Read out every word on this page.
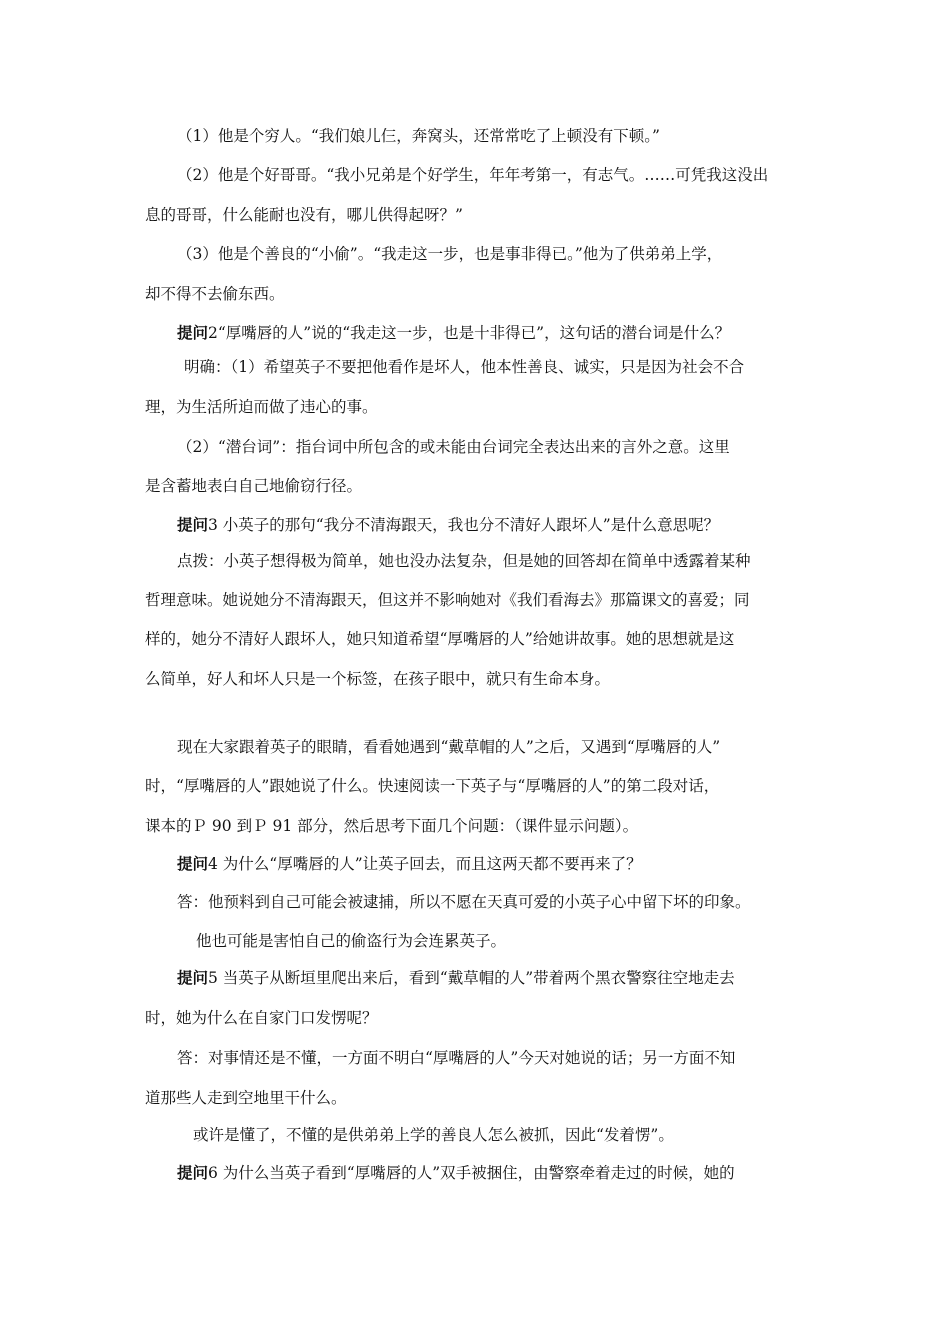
（1）他是个穷人。“我们娘儿仨，奔窝头，还常常吃了上顿没有下顿。”
（2）他是个好哥哥。“我小兄弟是个好学生，年年考第一，有志气。……可凭我这没出
息的哥哥，什么能耐也没有，哪儿供得起呀？”
（3）他是个善良的“小偷”。“我走这一步，也是事非得已。”他为了供弟弟上学，
却不得不去偷东西。
提问2“厚嘴唇的人”说的“我走这一步，也是十非得已”，这句话的潜台词是什么？
明确：（1）希望英子不要把他看作是坏人，他本性善良、诚实，只是因为社会不合
理，为生活所迫而做了违心的事。
（2）“潜台词”：指台词中所包含的或未能由台词完全表达出来的言外之意。这里
是含蓄地表白自己地偷窃行径。
提问3 小英子的那句“我分不清海跟天，我也分不清好人跟坏人”是什么意思呢？
点拨：小英子想得极为简单，她也没办法复杂，但是她的回答却在简单中透露着某种
哲理意味。她说她分不清海跟天，但这并不影响她对《我们看海去》那篇课文的喜爱；同
样的，她分不清好人跟坏人，她只知道希望“厚嘴唇的人”给她讲故事。她的思想就是这
么简单，好人和坏人只是一个标签，在孩子眼中，就只有生命本身。
现在大家跟着英子的眼睛，看看她遇到“戴草帽的人”之后，又遇到“厚嘴唇的人”
时，“厚嘴唇的人”跟她说了什么。快速阅读一下英子与“厚嘴唇的人”的第二段对话，
课本的Ｐ 90 到Ｐ 91 部分，然后思考下面几个问题：（课件显示问题）。
提问4 为什么“厚嘴唇的人”让英子回去，而且这两天都不要再来了？
答：他预料到自己可能会被逮捕，所以不愿在天真可爱的小英子心中留下坏的印象。
他也可能是害怕自己的偷盗行为会连累英子。
提问5 当英子从断垣里爬出来后，看到“戴草帽的人”带着两个黑衣警察往空地走去
时，她为什么在自家门口发愣呢？
答：对事情还是不懂，一方面不明白“厚嘴唇的人”今天对她说的话；另一方面不知
道那些人走到空地里干什么。
或许是懂了，不懂的是供弟弟上学的善良人怎么被抓，因此“发着愣”。
提问6 为什么当英子看到“厚嘴唇的人”双手被捆住，由警察牵着走过的时候，她的
